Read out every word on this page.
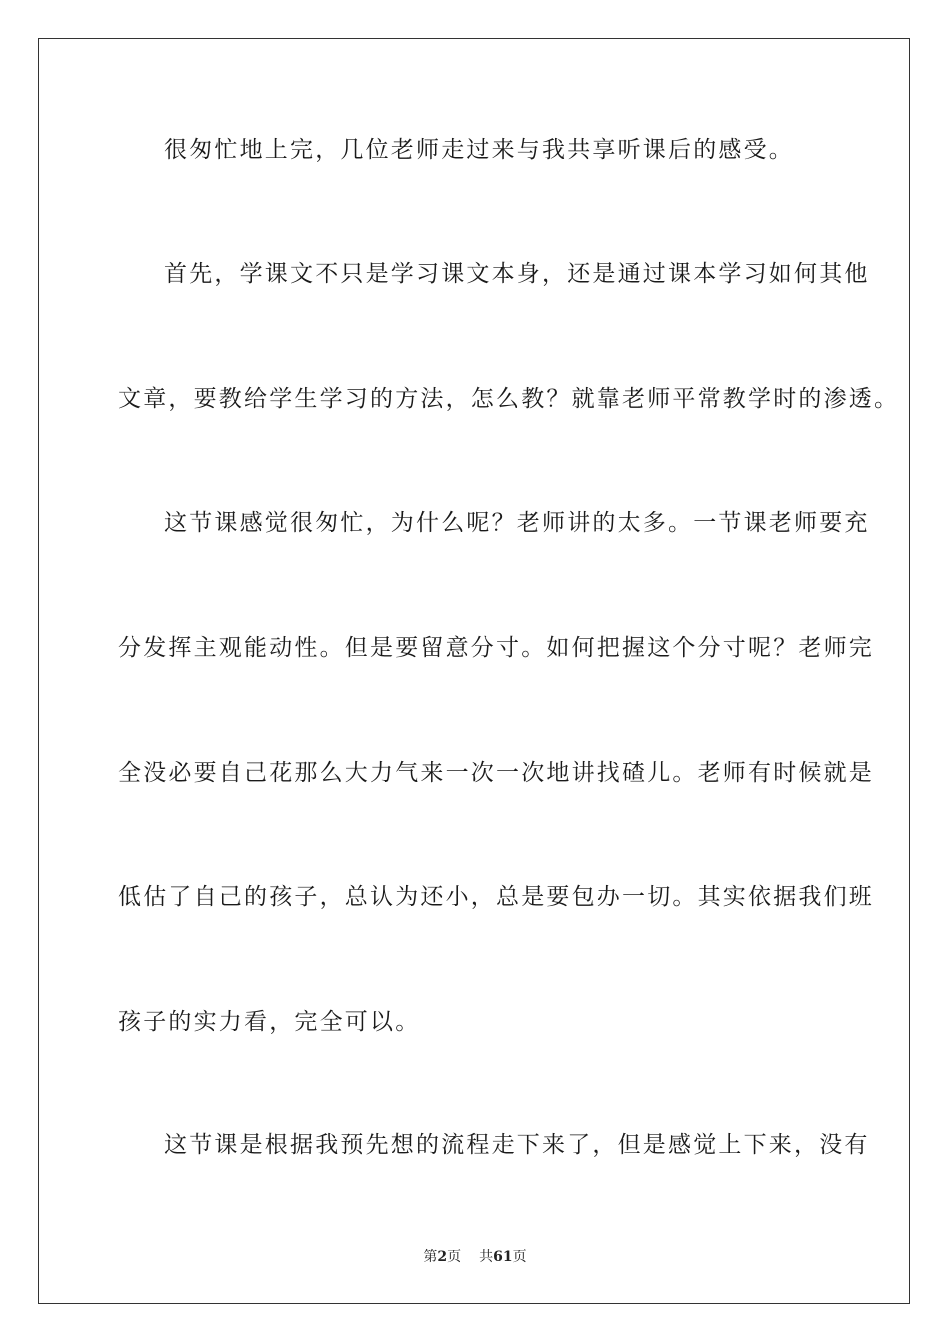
很匆忙地上完，几位老师走过来与我共享听课后的感受。
首先，学课文不只是学习课文本身，还是通过课本学习如何其他
文章，要教给学生学习的方法，怎么教？就靠老师平常教学时的渗透。
这节课感觉很匆忙，为什么呢？老师讲的太多。一节课老师要充
分发挥主观能动性。但是要留意分寸。如何把握这个分寸呢？老师完
全没必要自己花那么大力气来一次一次地讲找碴儿。老师有时候就是
低估了自己的孩子，总认为还小，总是要包办一切。其实依据我们班
孩子的实力看，完全可以。
这节课是根据我预先想的流程走下来了，但是感觉上下来，没有
第2页 共61页
